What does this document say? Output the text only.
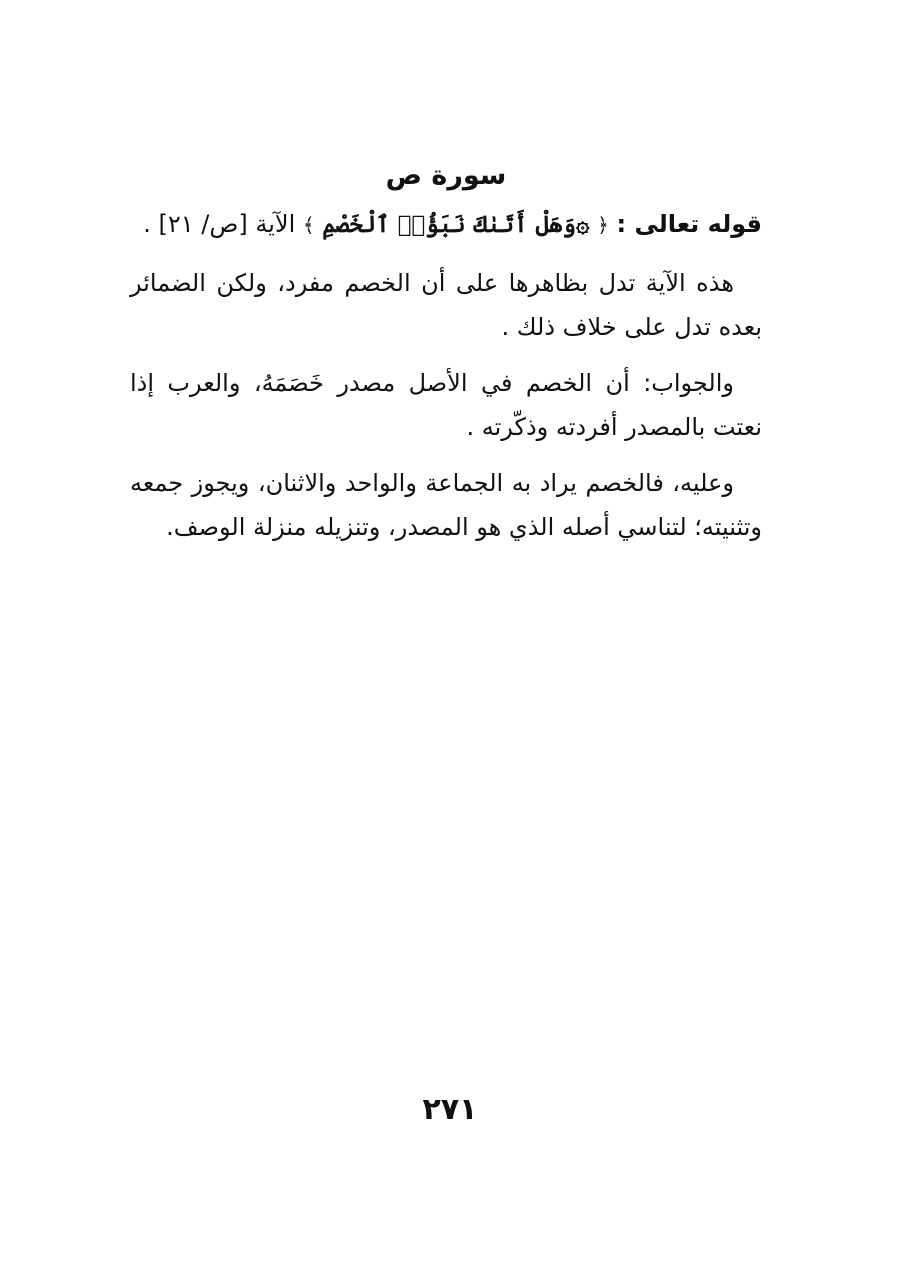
سورة ص
قوله تعالى : ﴿ ۞وَهَلْ أَتَىٰكَ نَبَؤُا۟ ٱلْخَصْمِ ﴾ الآية [ص/ ٢١] .

هذه الآية تدل بظاهرها على أن الخصم مفرد، ولكن الضمائر بعده تدل على خلاف ذلك .

والجواب: أن الخصم في الأصل مصدر خَصَمَهُ، والعرب إذا نعتت بالمصدر أفردته وذكّرته .

وعليه، فالخصم يراد به الجماعة والواحد والاثنان، ويجوز جمعه وتثنيته؛ لتناسي أصله الذي هو المصدر، وتنزيله منزلة الوصف.

٢٧١
